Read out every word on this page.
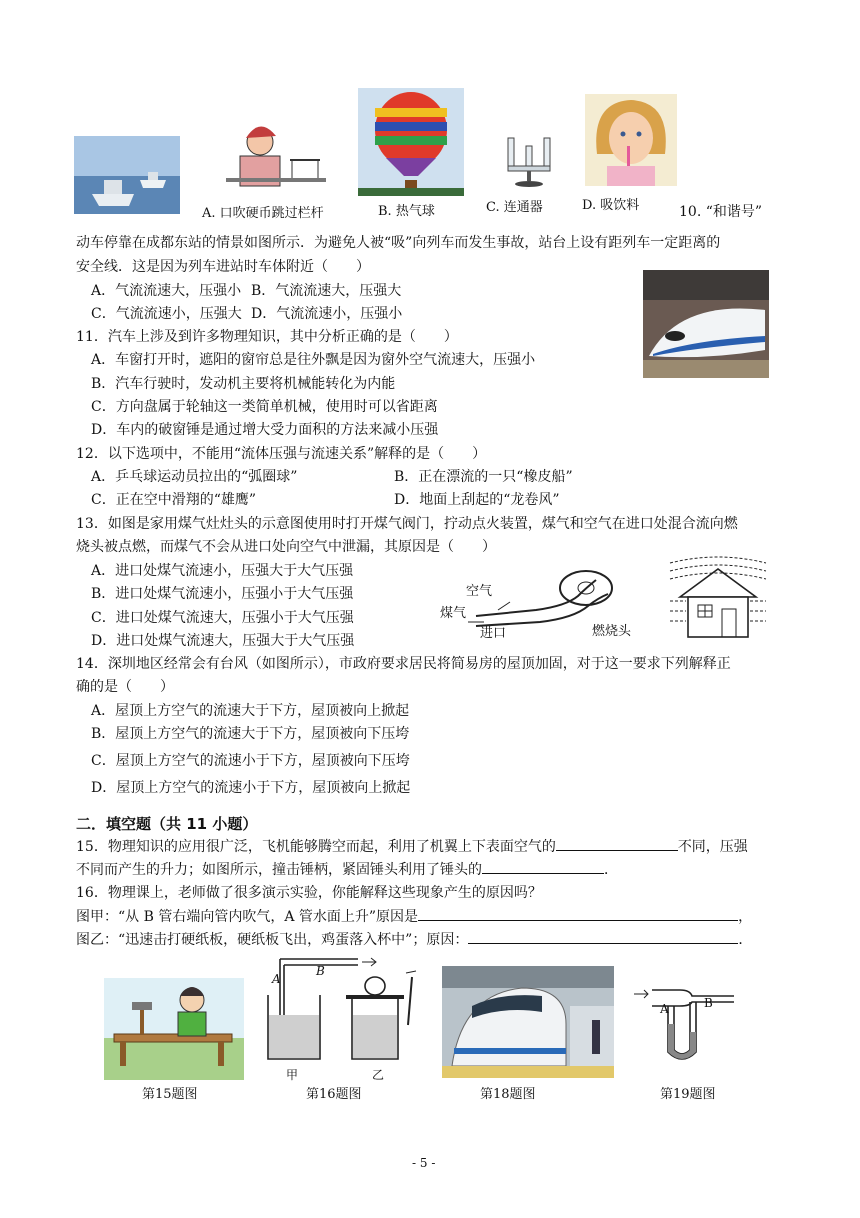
A. 口吹硬币跳过栏杆	B. 热气球	C. 连通器	D. 吸饮料	10. “和谐号”
动车停靠在成都东站的情景如图所示．为避免人被“吸”向列车而发生事故，站台上设有距列车一定距离的
安全线．这是因为列车进站时车体附近（　　）
A．气流流速大，压强小 B．气流流速大，压强大
C．气流流速小，压强大 D．气流流速小，压强小
11．汽车上涉及到许多物理知识，其中分析正确的是（　　）
A．车窗打开时，遮阳的窗帘总是往外飘是因为窗外空气流速大，压强小
B．汽车行驶时，发动机主要将机械能转化为内能
C．方向盘属于轮轴这一类简单机械，使用时可以省距离
D．车内的破窗锤是通过增大受力面积的方法来减小压强
12．以下选项中，不能用“流体压强与流速关系”解释的是（　　）
A．乒乓球运动员拉出的“弧圈球”	B．正在漂流的一只“橡皮船”
C．正在空中滑翔的“雄鹰”	D．地面上刮起的“龙卷风”
13．如图是家用煤气灶灶头的示意图使用时打开煤气阀门，拧动点火装置，煤气和空气在进口处混合流向燃
烧头被点燃，而煤气不会从进口处向空气中泄漏，其原因是（　　）
A．进口处煤气流速小，压强大于大气压强
B．进口处煤气流速小，压强小于大气压强
C．进口处煤气流速大，压强小于大气压强
D．进口处煤气流速大，压强大于大气压强
空气
煤气
进口	燃烧头
14．深圳地区经常会有台风（如图所示），市政府要求居民将简易房的屋顶加固，对于这一要求下列解释正
确的是（　　）
A．屋顶上方空气的流速大于下方，屋顶被向上掀起
B．屋顶上方空气的流速大于下方，屋顶被向下压垮
C．屋顶上方空气的流速小于下方，屋顶被向下压垮
D．屋顶上方空气的流速小于下方，屋顶被向上掀起
二．填空题（共 11 小题）
15．物理知识的应用很广泛，飞机能够腾空而起，利用了机翼上下表面空气的	不同，压强
不同而产生的升力；如图所示，撞击锤柄，紧固锤头利用了锤头的	．
16．物理课上，老师做了很多演示实验，你能解释这些现象产生的原因吗？
图甲：“从 B 管右端向管内吹气，A 管水面上升”原因是	，
图乙：“迅速击打硬纸板，硬纸板飞出，鸡蛋落入杯中”；原因：	．
A
B
甲	乙
A	B
第15题图	第16题图	第18题图	第19题图
- 5 -
